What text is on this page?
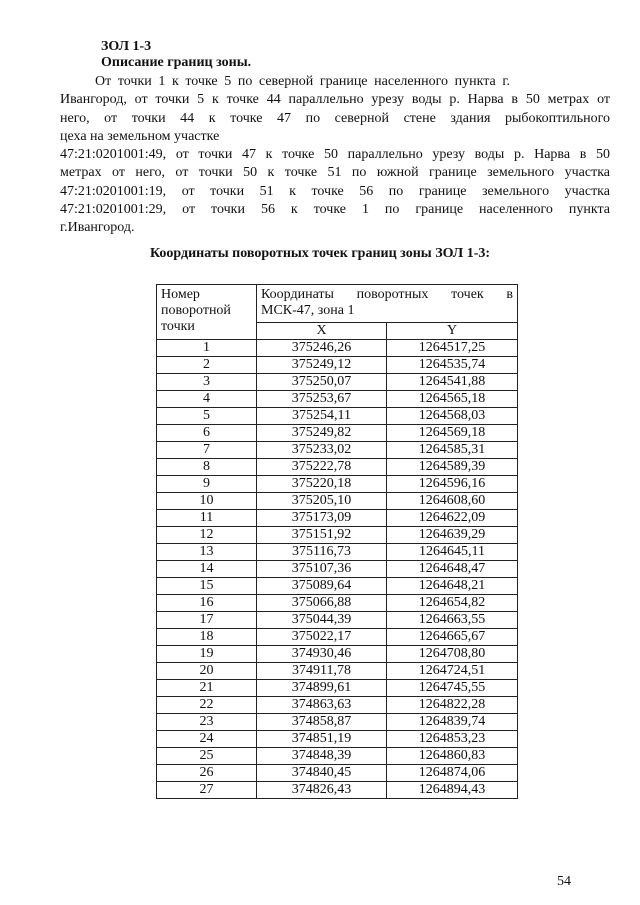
ЗОЛ 1-3
Описание границ зоны.
От точки 1 к точке 5 по северной границе населенного пункта г.
Ивангород, от точки 5 к точке 44 параллельно урезу воды р. Нарва в 50 метрах от
него, от точки 44 к точке 47 по северной стене здания рыбокоптильного
цеха на земельном участке
47:21:0201001:49, от точки 47 к точке 50 параллельно урезу воды р. Нарва в 50
метрах от него, от точки 50 к точке 51 по южной границе земельного участка
47:21:0201001:19, от точки 51 к точке 56 по границе земельного участка
47:21:0201001:29, от точки 56 к точке 1 по границе населенного пункта
г.Ивангород.
Координаты поворотных точек границ зоны ЗОЛ 1-3:
Номер поворотной точки	Координаты поворотных точек в
МСК-47, зона 1	
	X	Y
1	375246,26	1264517,25
2	375249,12	1264535,74
3	375250,07	1264541,88
4	375253,67	1264565,18
5	375254,11	1264568,03
6	375249,82	1264569,18
7	375233,02	1264585,31
8	375222,78	1264589,39
9	375220,18	1264596,16
10	375205,10	1264608,60
11	375173,09	1264622,09
12	375151,92	1264639,29
13	375116,73	1264645,11
14	375107,36	1264648,47
15	375089,64	1264648,21
16	375066,88	1264654,82
17	375044,39	1264663,55
18	375022,17	1264665,67
19	374930,46	1264708,80
20	374911,78	1264724,51
21	374899,61	1264745,55
22	374863,63	1264822,28
23	374858,87	1264839,74
24	374851,19	1264853,23
25	374848,39	1264860,83
26	374840,45	1264874,06
27	374826,43	1264894,43
54
